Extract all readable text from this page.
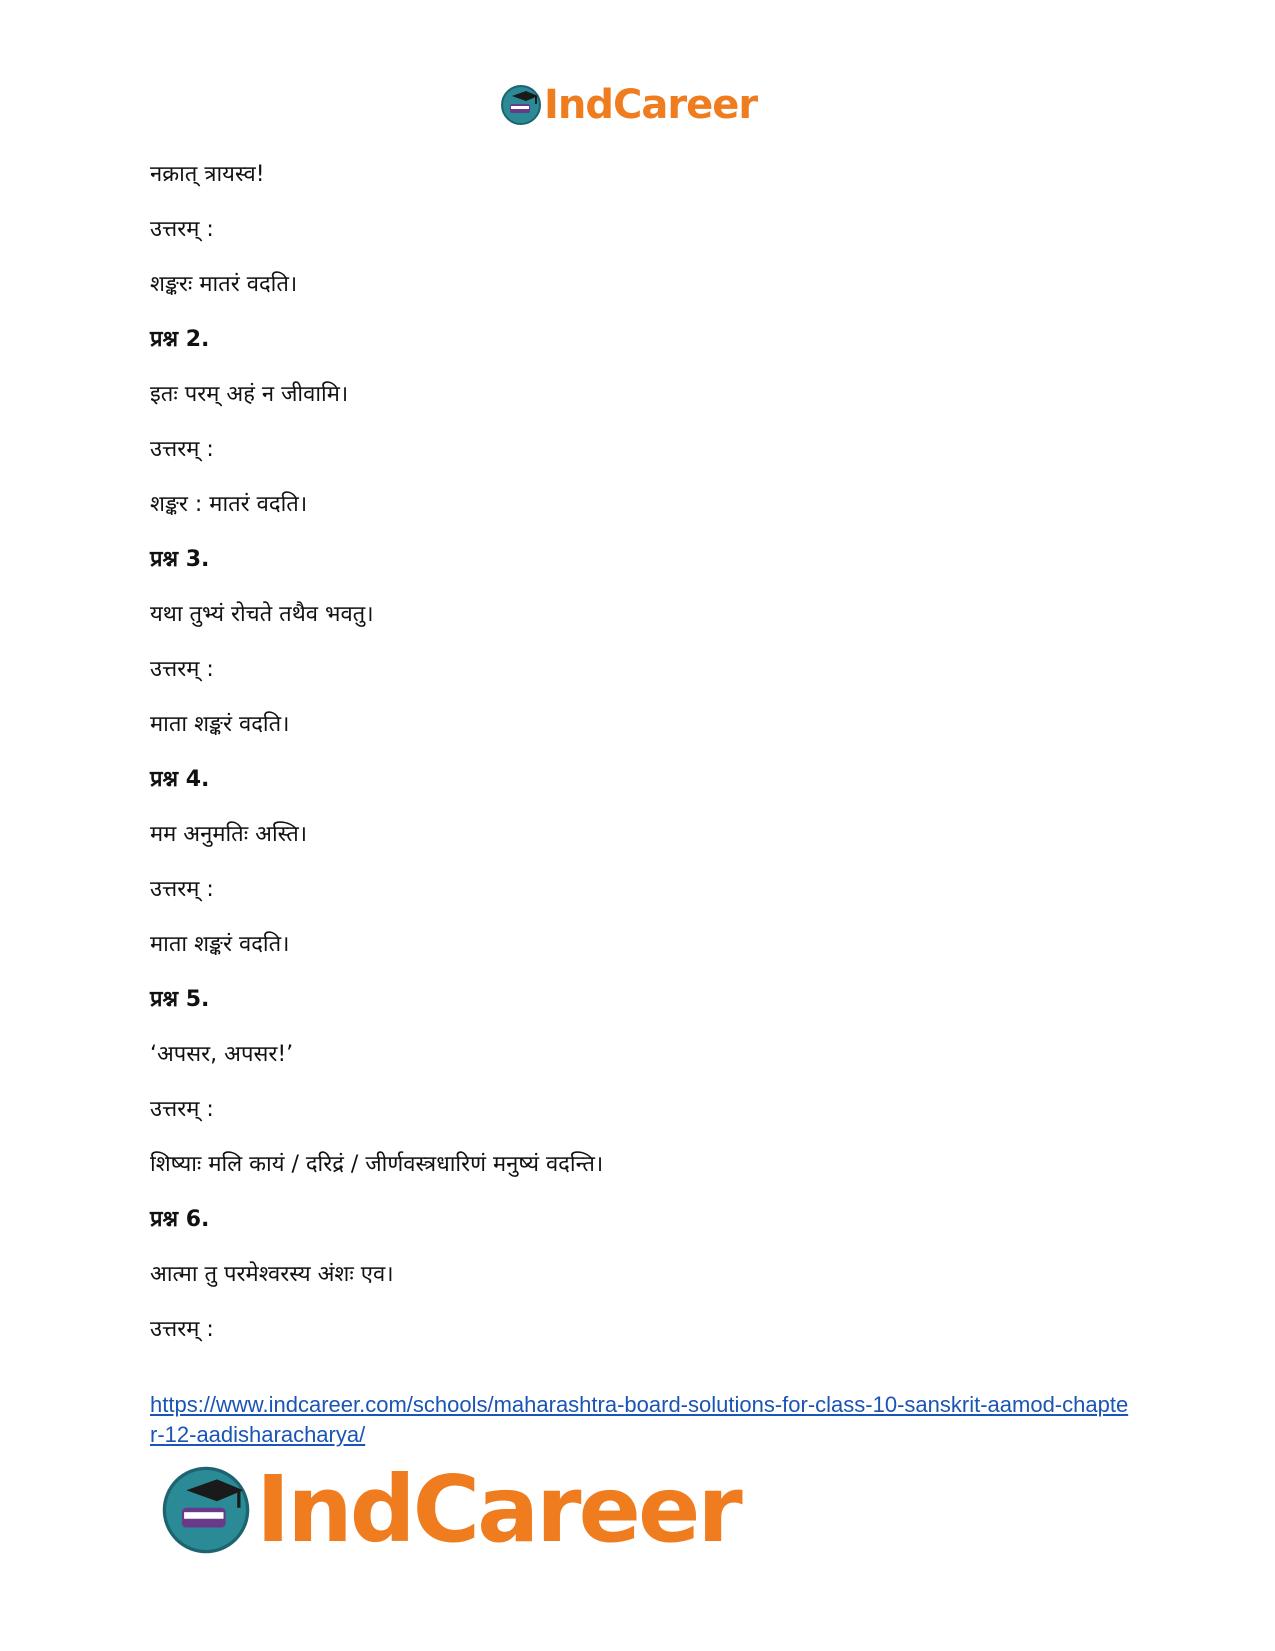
IndCareer
नक्रात् त्रायस्व!
उत्तरम् :
शङ्करः मातरं वदति।
प्रश्न 2.
इतः परम् अहं न जीवामि।
उत्तरम् :
शङ्कर : मातरं वदति।
प्रश्न 3.
यथा तुभ्यं रोचते तथैव भवतु।
उत्तरम् :
माता शङ्करं वदति।
प्रश्न 4.
मम अनुमतिः अस्ति।
उत्तरम् :
माता शङ्करं वदति।
प्रश्न 5.
‘अपसर, अपसर!’
उत्तरम् :
शिष्याः मलि कायं / दरिद्रं / जीर्णवस्त्रधारिणं मनुष्यं वदन्ति।
प्रश्न 6.
आत्मा तु परमेश्वरस्य अंशः एव।
उत्तरम् :
https://www.indcareer.com/schools/maharashtra-board-solutions-for-class-10-sanskrit-aamod-chapter-12-aadisharacharya/
IndCareer
